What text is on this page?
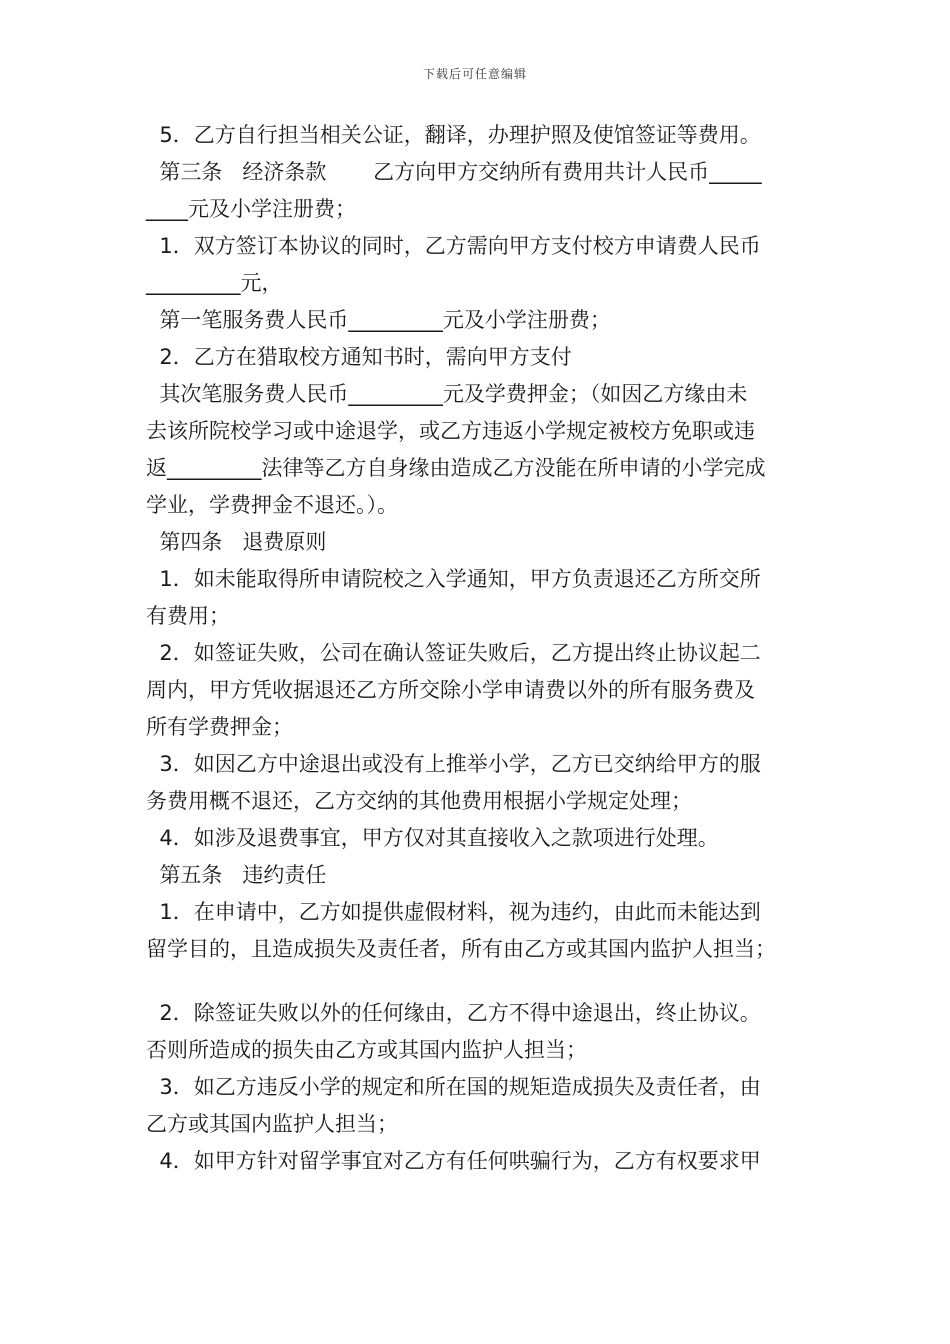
下载后可任意编辑
5．乙方自行担当相关公证，翻译，办理护照及使馆签证等费用。
第三条   经济条款       乙方向甲方交纳所有费用共计人民币_____
____元及小学注册费；
1．双方签订本协议的同时，乙方需向甲方支付校方申请费人民币
_________元，
第一笔服务费人民币_________元及小学注册费；
2．乙方在猎取校方通知书时，需向甲方支付
其次笔服务费人民币_________元及学费押金；（如因乙方缘由未
去该所院校学习或中途退学，或乙方违返小学规定被校方免职或违
返_________法律等乙方自身缘由造成乙方没能在所申请的小学完成
学业，学费押金不退还。）。
第四条   退费原则
1．如未能取得所申请院校之入学通知，甲方负责退还乙方所交所
有费用；
2．如签证失败，公司在确认签证失败后，乙方提出终止协议起二
周内，甲方凭收据退还乙方所交除小学申请费以外的所有服务费及
所有学费押金；
3．如因乙方中途退出或没有上推举小学，乙方已交纳给甲方的服
务费用概不退还，乙方交纳的其他费用根据小学规定处理；
4．如涉及退费事宜，甲方仅对其直接收入之款项进行处理。
第五条   违约责任
1．在申请中，乙方如提供虚假材料，视为违约，由此而未能达到
留学目的，且造成损失及责任者，所有由乙方或其国内监护人担当；
2．除签证失败以外的任何缘由，乙方不得中途退出，终止协议。
否则所造成的损失由乙方或其国内监护人担当；
3．如乙方违反小学的规定和所在国的规矩造成损失及责任者，由
乙方或其国内监护人担当；
4．如甲方针对留学事宜对乙方有任何哄骗行为，乙方有权要求甲
